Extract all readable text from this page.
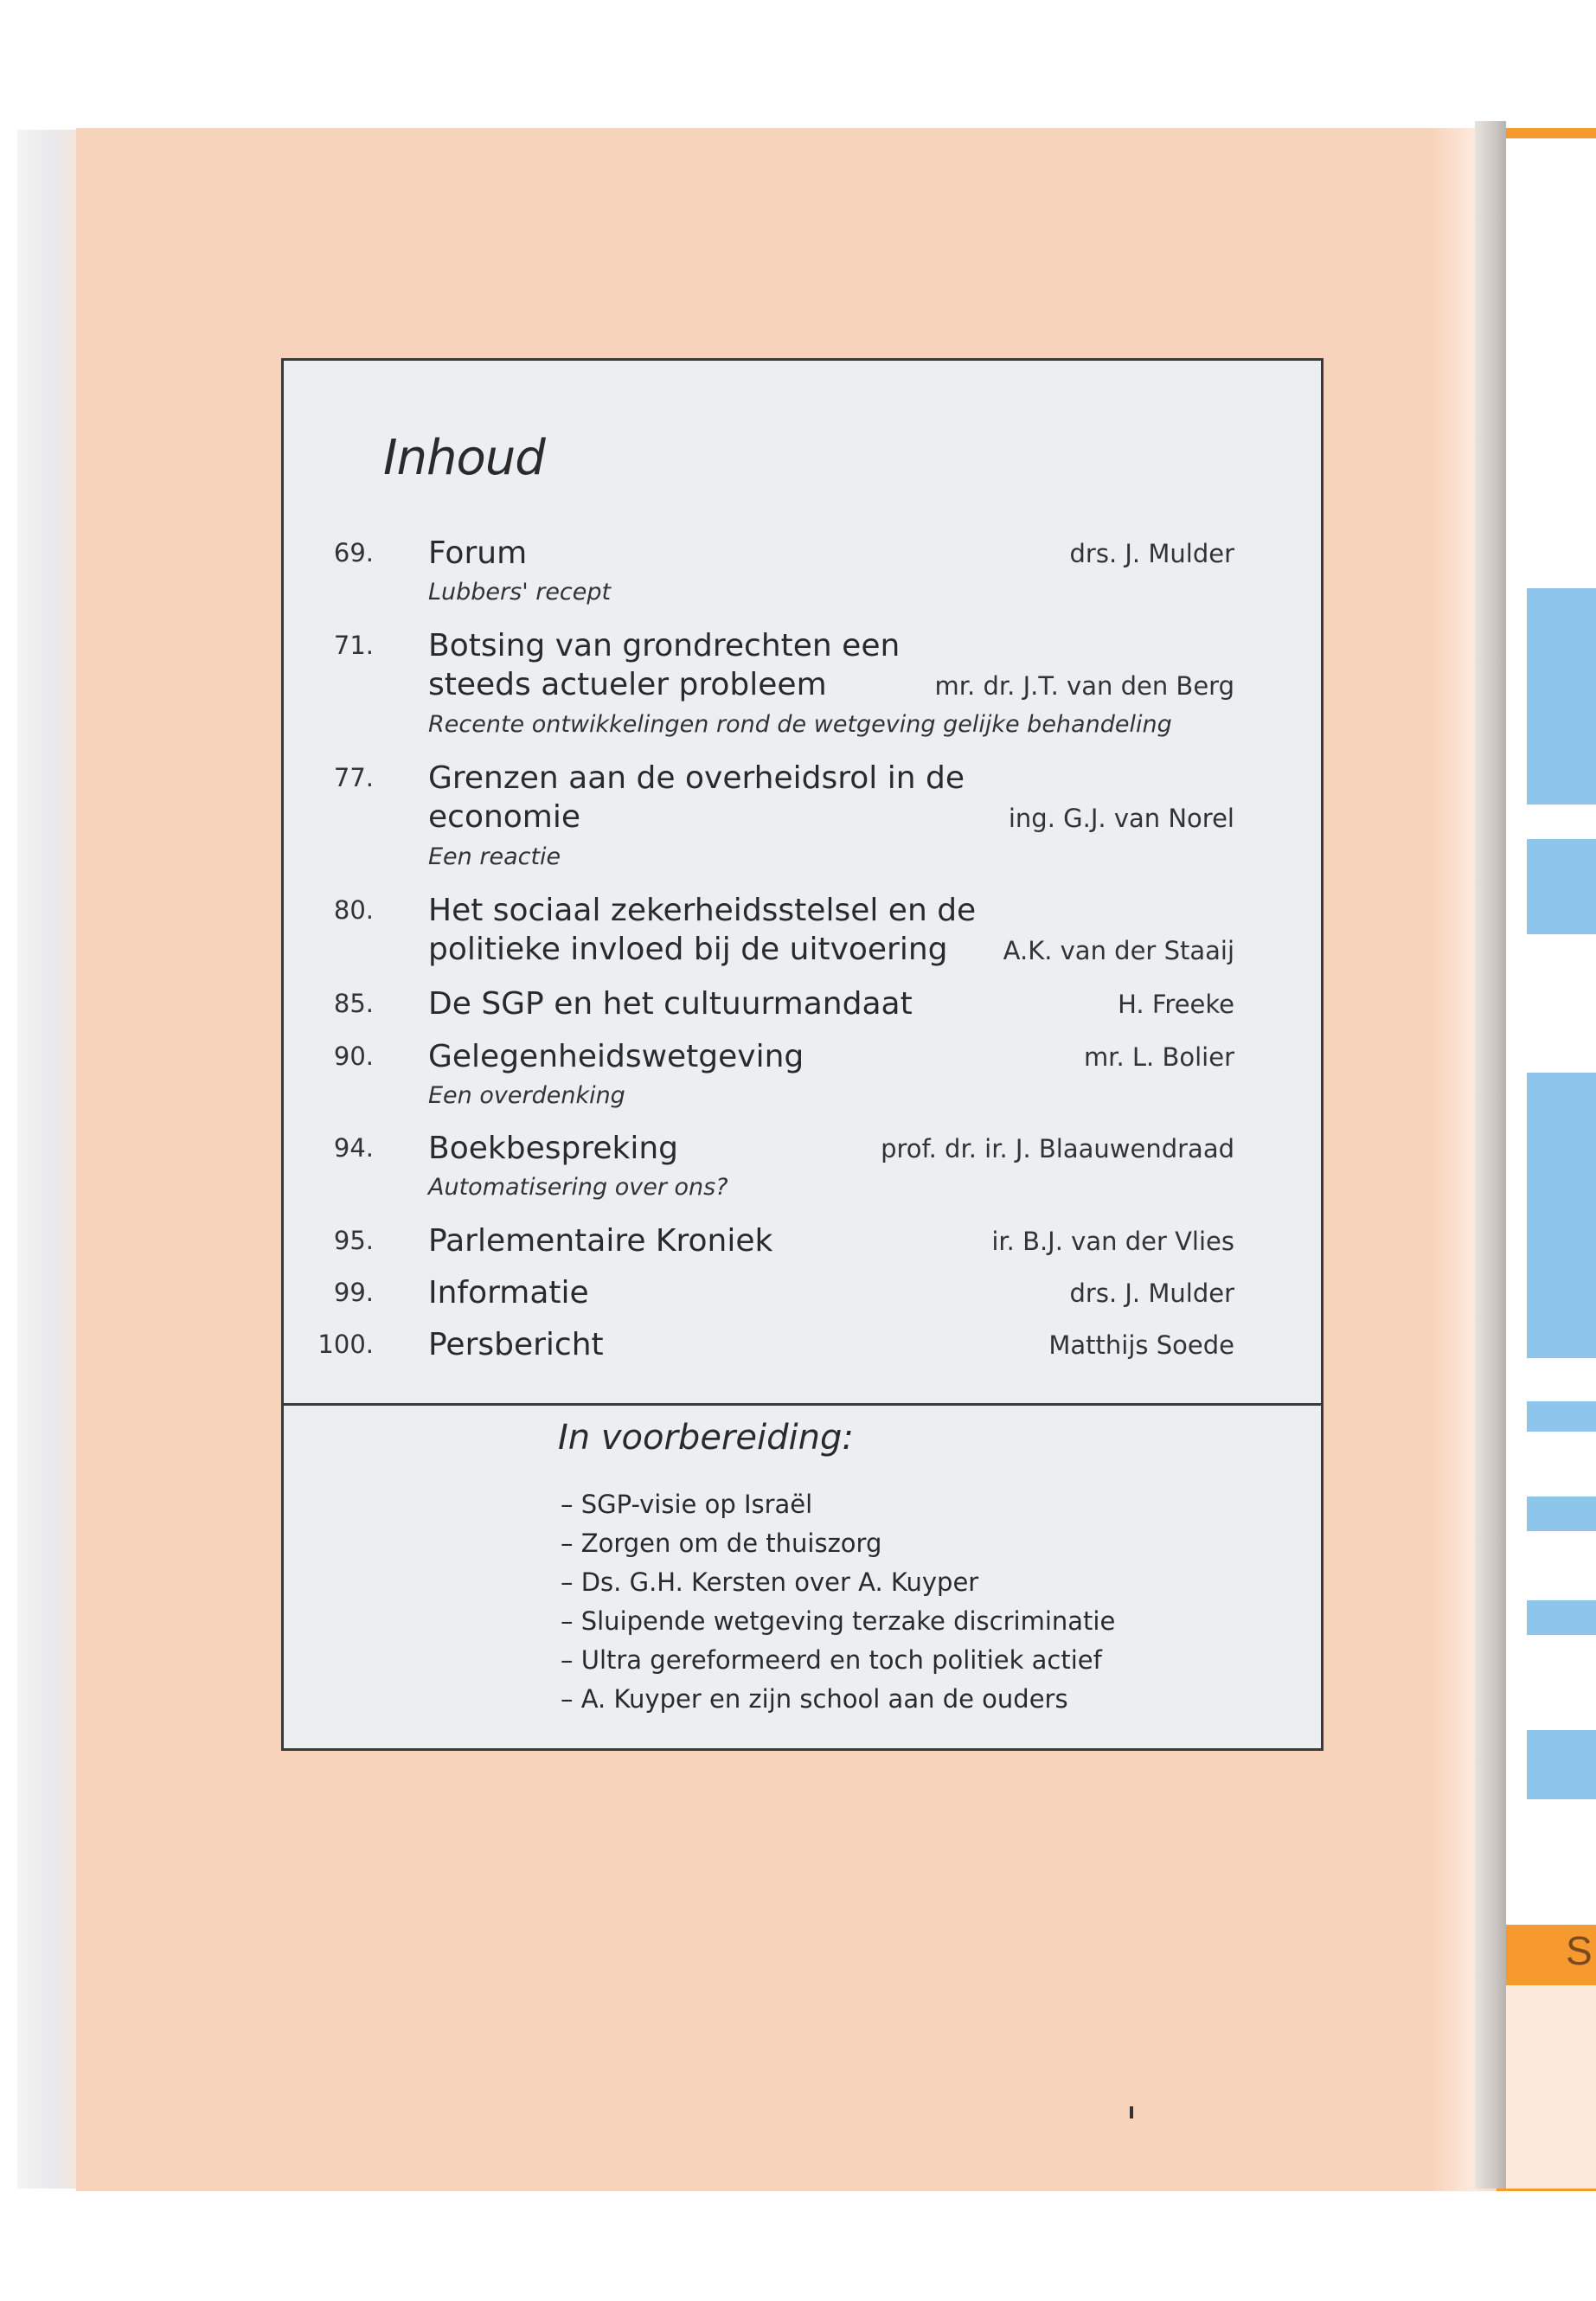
S
Inhoud
69. Forum	drs. J. Mulder
Lubbers' recept
71. Botsing van grondrechten een steeds actueler probleem	mr. dr. J.T. van den Berg
Recente ontwikkelingen rond de wetgeving gelijke behandeling
77. Grenzen aan de overheidsrol in de economie	ing. G.J. van Norel
Een reactie
80. Het sociaal zekerheidsstelsel en de politieke invloed bij de uitvoering	A.K. van der Staaij
85. De SGP en het cultuurmandaat	H. Freeke
90. Gelegenheidswetgeving	mr. L. Bolier
Een overdenking
94. Boekbespreking	prof. dr. ir. J. Blaauwendraad
Automatisering over ons?
95. Parlementaire Kroniek	ir. B.J. van der Vlies
99. Informatie	drs. J. Mulder
100. Persbericht	Matthijs Soede
In voorbereiding:
– SGP-visie op Israël
– Zorgen om de thuiszorg
– Ds. G.H. Kersten over A. Kuyper
– Sluipende wetgeving terzake discriminatie
– Ultra gereformeerd en toch politiek actief
– A. Kuyper en zijn school aan de ouders
